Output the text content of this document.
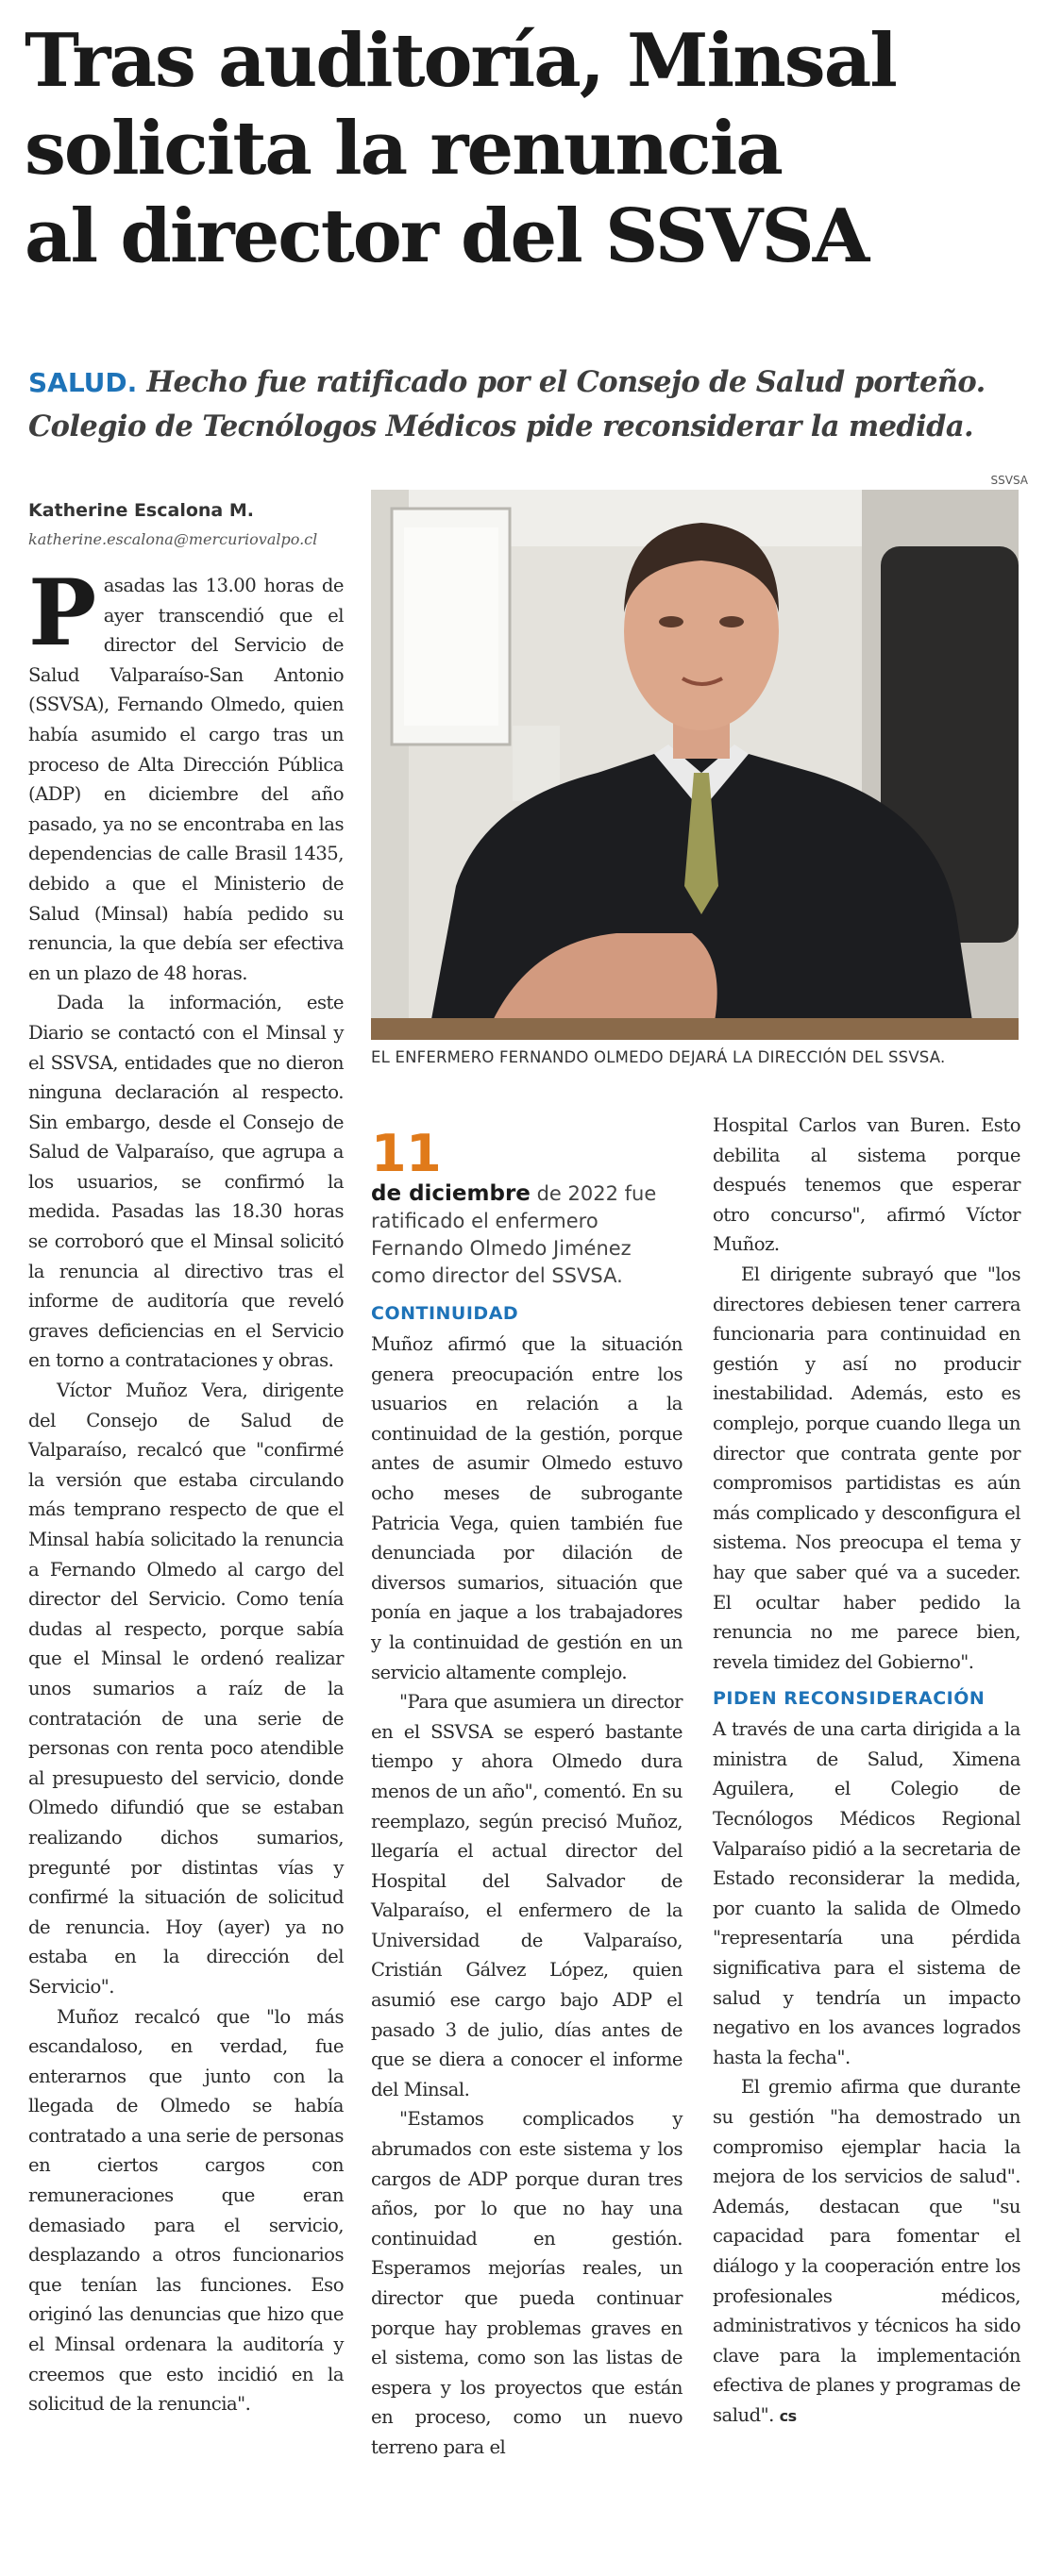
Tras auditoría, Minsal
solicita la renuncia
al director del SSVSA
SALUD. Hecho fue ratificado por el Consejo de Salud porteño. Colegio de Tecnólogos Médicos pide reconsiderar la medida.
Katherine Escalona M.
katherine.escalona@mercuriovalpo.cl
SSVSA
EL ENFERMERO FERNANDO OLMEDO DEJARÁ LA DIRECCIÓN DEL SSVSA.

Pasadas las 13.00 horas de ayer transcendió que el director del Servicio de Salud Valparaíso-San Antonio (SSVSA), Fernando Olmedo, quien había asumido el cargo tras un proceso de Alta Dirección Pública (ADP) en diciembre del año pasado, ya no se encontraba en las dependencias de calle Brasil 1435, debido a que el Ministerio de Salud (Minsal) había pedido su renuncia, la que debía ser efectiva en un plazo de 48 horas.

Dada la información, este Diario se contactó con el Minsal y el SSVSA, entidades que no dieron ninguna declaración al respecto. Sin embargo, desde el Consejo de Salud de Valparaíso, que agrupa a los usuarios, se confirmó la medida. Pasadas las 18.30 horas se corroboró que el Minsal solicitó la renuncia al directivo tras el informe de auditoría que reveló graves deficiencias en el Servicio en torno a contrataciones y obras.

Víctor Muñoz Vera, dirigente del Consejo de Salud de Valparaíso, recalcó que "confirmé la versión que estaba circulando más temprano respecto de que el Minsal había solicitado la renuncia a Fernando Olmedo al cargo del director del Servicio. Como tenía dudas al respecto, porque sabía que el Minsal le ordenó realizar unos sumarios a raíz de la contratación de una serie de personas con renta poco atendible al presupuesto del servicio, donde Olmedo difundió que se estaban realizando dichos sumarios, pregunté por distintas vías y confirmé la situación de solicitud de renuncia. Hoy (ayer) ya no estaba en la dirección del Servicio".

Muñoz recalcó que "lo más escandaloso, en verdad, fue enterarnos que junto con la llegada de Olmedo se había contratado a una serie de personas en ciertos cargos con remuneraciones que eran demasiado para el servicio, desplazando a otros funcionarios que tenían las funciones. Eso originó las denuncias que hizo que el Minsal ordenara la auditoría y creemos que esto incidió en la solicitud de la renuncia".

11
de diciembre de 2022 fue ratificado el enfermero Fernando Olmedo Jiménez como director del SSVSA.
CONTINUIDAD

Muñoz afirmó que la situación genera preocupación entre los usuarios en relación a la continuidad de la gestión, porque antes de asumir Olmedo estuvo ocho meses de subrogante Patricia Vega, quien también fue denunciada por dilación de diversos sumarios, situación que ponía en jaque a los trabajadores y la continuidad de gestión en un servicio altamente complejo.

"Para que asumiera un director en el SSVSA se esperó bastante tiempo y ahora Olmedo dura menos de un año", comentó. En su reemplazo, según precisó Muñoz, llegaría el actual director del Hospital del Salvador de Valparaíso, el enfermero de la Universidad de Valparaíso, Cristián Gálvez López, quien asumió ese cargo bajo ADP el pasado 3 de julio, días antes de que se diera a conocer el informe del Minsal.

"Estamos complicados y abrumados con este sistema y los cargos de ADP porque duran tres años, por lo que no hay una continuidad en gestión. Esperamos mejorías reales, un director que pueda continuar porque hay problemas graves en el sistema, como son las listas de espera y los proyectos que están en proceso, como un nuevo terreno para el

Hospital Carlos van Buren. Esto debilita al sistema porque después tenemos que esperar otro concurso", afirmó Víctor Muñoz.

El dirigente subrayó que "los directores debiesen tener carrera funcionaria para continuidad en gestión y así no producir inestabilidad. Además, esto es complejo, porque cuando llega un director que contrata gente por compromisos partidistas es aún más complicado y desconfigura el sistema. Nos preocupa el tema y hay que saber qué va a suceder. El ocultar haber pedido la renuncia no me parece bien, revela timidez del Gobierno".

PIDEN RECONSIDERACIÓN

A través de una carta dirigida a la ministra de Salud, Ximena Aguilera, el Colegio de Tecnólogos Médicos Regional Valparaíso pidió a la secretaria de Estado reconsiderar la medida, por cuanto la salida de Olmedo "representaría una pérdida significativa para el sistema de salud y tendría un impacto negativo en los avances logrados hasta la fecha".

El gremio afirma que durante su gestión "ha demostrado un compromiso ejemplar hacia la mejora de los servicios de salud". Además, destacan que "su capacidad para fomentar el diálogo y la cooperación entre los profesionales médicos, administrativos y técnicos ha sido clave para la implementación efectiva de planes y programas de salud". cs
